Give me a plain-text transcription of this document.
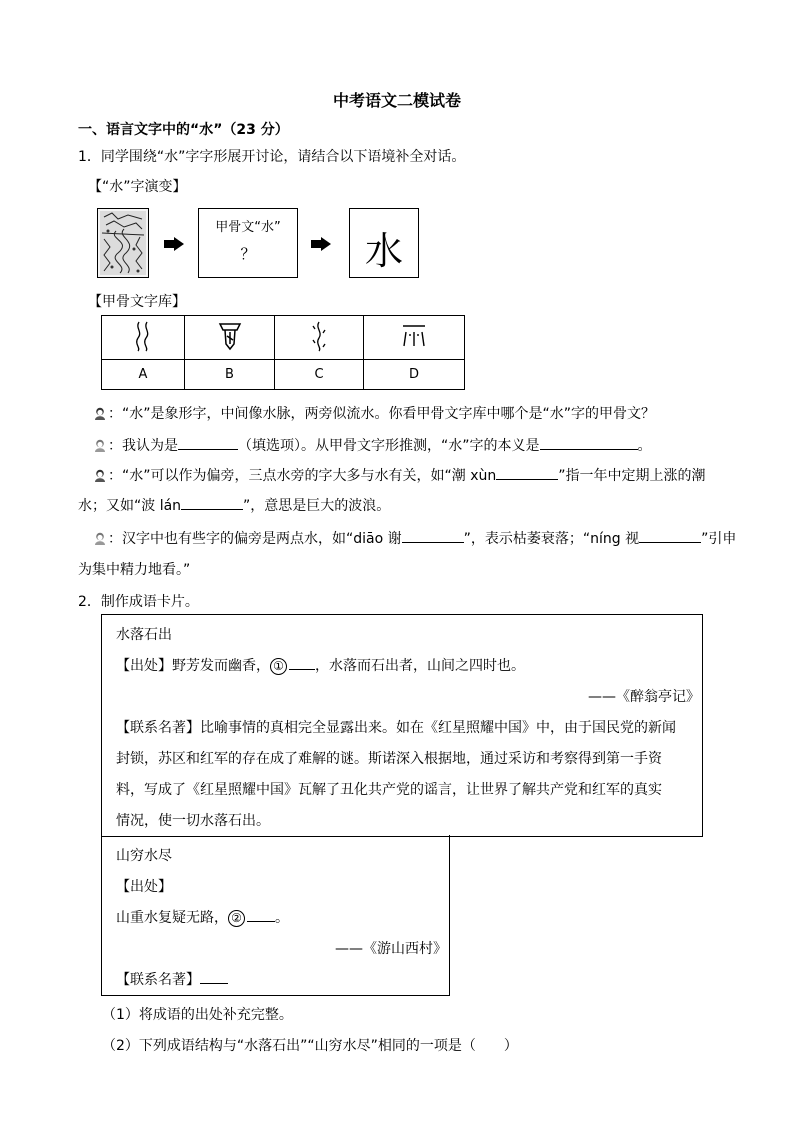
中考语文二模试卷
一、语言文字中的“水”（23 分）
1．同学围绕“水”字字形展开讨论，请结合以下语境补全对话。
【“水”字演变】
甲骨文“水”
？	水
【甲骨文字库】

A	B	C	D
：“水”是象形字，中间像水脉，两旁似流水。你看甲骨文字库中哪个是“水”字的甲骨文？
：我认为是	（填选项）。从甲骨文字形推测，“水”字的本义是	。
：“水”可以作为偏旁，三点水旁的字大多与水有关，如“潮 xùn	”指一年中定期上涨的潮
水；又如“波 lán	”，意思是巨大的波浪。
：汉字中也有些字的偏旁是两点水，如“diāo 谢	”，表示枯萎衰落；“níng 视	”引申
为集中精力地看。”
2．制作成语卡片。
水落石出
【出处】野芳发而幽香， ① ，水落而石出者，山间之四时也。
——《醉翁亭记》
【联系名著】比喻事情的真相完全显露出来。如在《红星照耀中国》中，由于国民党的新闻
封锁，苏区和红军的存在成了难解的谜。斯诺深入根据地，通过采访和考察得到第一手资
料，写成了《红星照耀中国》瓦解了丑化共产党的谣言，让世界了解共产党和红军的真实
情况，使一切水落石出。
山穷水尽
【出处】
山重水复疑无路， ② 。
——《游山西村》
【联系名著】
（1）将成语的出处补充完整。
（2）下列成语结构与“水落石出”“山穷水尽”相同的一项是（　　）
